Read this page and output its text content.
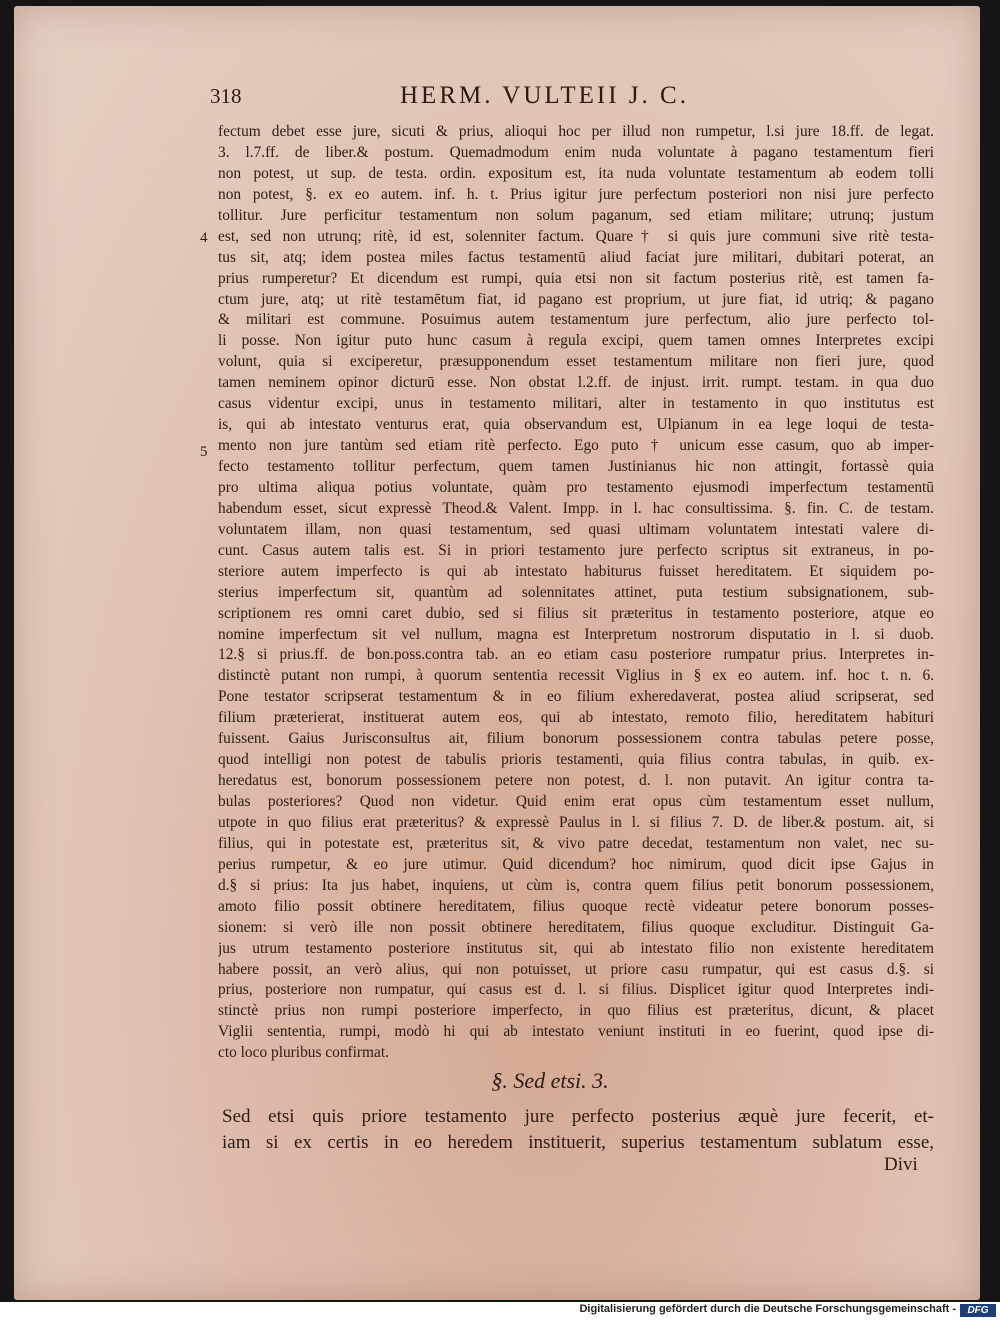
318	HERM. VULTEII J. C.
4
5
fectum debet esse jure, sicuti & prius, alioqui hoc per illud non rumpetur, l.si jure 18.ff. de legat.
3. l.7.ff. de liber.& postum. Quemadmodum enim nuda voluntate à pagano testamentum fieri
non potest, ut sup. de testa. ordin. expositum est, ita nuda voluntate testamentum ab eodem tolli
non potest, §. ex eo autem. inf. h. t. Prius igitur jure perfectum posteriori non nisi jure perfecto
tollitur. Jure perficitur testamentum non solum paganum, sed etiam militare; utrunq; justum
est, sed non utrunq; ritè, id est, solenniter factum. Quare† si quis jure communi sive ritè testa-
tus sit, atq; idem postea miles factus testamentū aliud faciat jure militari, dubitari poterat, an
prius rumperetur? Et dicendum est rumpi, quia etsi non sit factum posterius ritè, est tamen fa-
ctum jure, atq; ut ritè testamētum fiat, id pagano est proprium, ut jure fiat, id utriq; & pagano
& militari est commune. Posuimus autem testamentum jure perfectum, alio jure perfecto tol-
li posse. Non igitur puto hunc casum à regula excipi, quem tamen omnes Interpretes excipi
volunt, quia si exciperetur, præsupponendum esset testamentum militare non fieri jure, quod
tamen neminem opinor dicturū esse. Non obstat l.2.ff. de injust. irrit. rumpt. testam. in qua duo
casus videntur excipi, unus in testamento militari, alter in testamento in quo institutus est
is, qui ab intestato venturus erat, quia observandum est, Ulpianum in ea lege loqui de testa-
mento non jure tantùm sed etiam ritè perfecto. Ego puto † unicum esse casum, quo ab imper-
fecto testamento tollitur perfectum, quem tamen Justinianus hic non attingit, fortassè quia
pro ultima aliqua potius voluntate, quàm pro testamento ejusmodi imperfectum testamentū
habendum esset, sicut expressè Theod.& Valent. Impp. in l. hac consultissima. §. fin. C. de testam.
voluntatem illam, non quasi testamentum, sed quasi ultimam voluntatem intestati valere di-
cunt. Casus autem talis est. Si in priori testamento jure perfecto scriptus sit extraneus, in po-
steriore autem imperfecto is qui ab intestato habiturus fuisset hereditatem. Et siquidem po-
sterius imperfectum sit, quantùm ad solennitates attinet, puta testium subsignationem, sub-
scriptionem res omni caret dubio, sed si filius sit præteritus in testamento posteriore, atque eo
nomine imperfectum sit vel nullum, magna est Interpretum nostrorum disputatio in l. si duob.
12.§ si prius.ff. de bon.poss.contra tab. an eo etiam casu posteriore rumpatur prius. Interpretes in-
distinctè putant non rumpi, à quorum sententia recessit Viglius in § ex eo autem. inf. hoc t. n. 6.
Pone testator scripserat testamentum & in eo filium exheredaverat, postea aliud scripserat, sed
filium præterierat, instituerat autem eos, qui ab intestato, remoto filio, hereditatem habituri
fuissent. Gaius Jurisconsultus ait, filium bonorum possessionem contra tabulas petere posse,
quod intelligi non potest de tabulis prioris testamenti, quia filius contra tabulas, in quib. ex-
heredatus est, bonorum possessionem petere non potest, d. l. non putavit. An igitur contra ta-
bulas posteriores? Quod non videtur. Quid enim erat opus cùm testamentum esset nullum,
utpote in quo filius erat præteritus? & expressè Paulus in l. si filius 7. D. de liber.& postum. ait, si
filius, qui in potestate est, præteritus sit, & vivo patre decedat, testamentum non valet, nec su-
perius rumpetur, & eo jure utimur. Quid dicendum? hoc nimirum, quod dicit ipse Gajus in
d.§ si prius: Ita jus habet, inquiens, ut cùm is, contra quem filius petit bonorum possessionem,
amoto filio possit obtinere hereditatem, filius quoque rectè videatur petere bonorum posses-
sionem: si verò ille non possit obtinere hereditatem, filius quoque excluditur. Distinguit Ga-
jus utrum testamento posteriore institutus sit, qui ab intestato filio non existente hereditatem
habere possit, an verò alius, qui non potuisset, ut priore casu rumpatur, qui est casus d.§. si
prius, posteriore non rumpatur, qui casus est d. l. si filius. Displicet igitur quod Interpretes indi-
stinctè prius non rumpi posteriore imperfecto, in quo filius est præteritus, dicunt, & placet
Viglii sententia, rumpi, modò hi qui ab intestato veniunt instituti in eo fuerint, quod ipse di-
cto loco pluribus confirmat.
§. Sed etsi. 3.
Sed etsi quis priore testamento jure perfecto posterius æquè jure fecerit, et-
iam si ex certis in eo heredem instituerit, superius testamentum sublatum esse,
Divi
Digitalisierung gefördert durch die Deutsche Forschungsgemeinschaft -	DFG
